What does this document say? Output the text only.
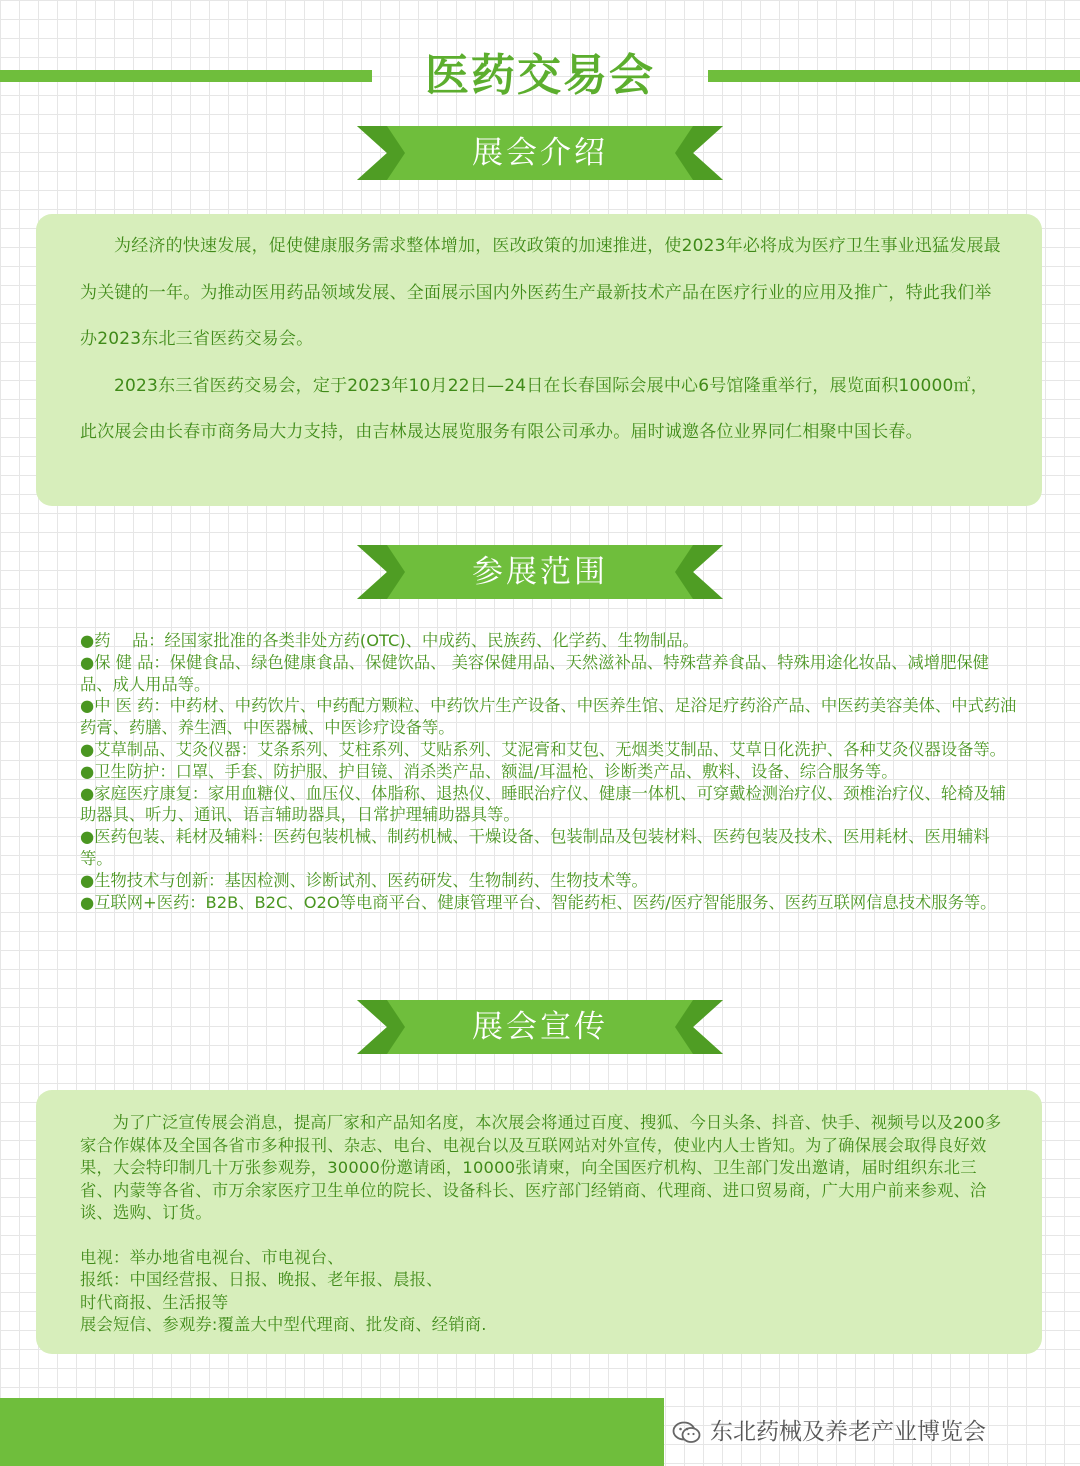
医药交易会
展会介绍

为经济的快速发展，促使健康服务需求整体增加，医改政策的加速推进，使2023年必将成为医疗卫生事业迅猛发展最为关键的一年。为推动医用药品领域发展、全面展示国内外医药生产最新技术产品在医疗行业的应用及推广，特此我们举办2023东北三省医药交易会。

2023东三省医药交易会，定于2023年10月22日—24日在长春国际会展中心6号馆隆重举行，展览面积10000㎡，此次展会由长春市商务局大力支持，由吉林晟达展览服务有限公司承办。届时诚邀各位业界同仁相聚中国长春。

参展范围

●药　 品：经国家批准的各类非处方药(OTC)、中成药、民族药、化学药、生物制品。

●保 健 品：保健食品、绿色健康食品、保健饮品、 美容保健用品、天然滋补品、特殊营养食品、特殊用途化妆品、减增肥保健品、成人用品等。

●中 医 药：中药材、中药饮片、中药配方颗粒、中药饮片生产设备、中医养生馆、足浴足疗药浴产品、中医药美容美体、中式药油药膏、药膳、养生酒、中医器械、中医诊疗设备等。

●艾草制品、艾灸仪器：艾条系列、艾柱系列、艾贴系列、艾泥膏和艾包、无烟类艾制品、艾草日化洗护、各种艾灸仪器设备等。

●卫生防护：口罩、手套、防护服、护目镜、消杀类产品、额温/耳温枪、诊断类产品、敷料、设备、综合服务等。

●家庭医疗康复：家用血糖仪、血压仪、体脂称、退热仪、睡眠治疗仪、健康一体机、可穿戴检测治疗仪、颈椎治疗仪、轮椅及辅助器具、听力、通讯、语言辅助器具，日常护理辅助器具等。

●医药包装、耗材及辅料：医药包装机械、制药机械、干燥设备、包装制品及包装材料、医药包装及技术、医用耗材、医用辅料等。

●生物技术与创新：基因检测、诊断试剂、医药研发、生物制药、生物技术等。

●互联网+医药：B2B、B2C、O2O等电商平台、健康管理平台、智能药柜、医药/医疗智能服务、医药互联网信息技术服务等。

展会宣传

为了广泛宣传展会消息，提高厂家和产品知名度，本次展会将通过百度、搜狐、今日头条、抖音、快手、视频号以及200多家合作媒体及全国各省市多种报刊、杂志、电台、电视台以及互联网站对外宣传，使业内人士皆知。为了确保展会取得良好效果，大会特印制几十万张参观券，30000份邀请函，10000张请柬，向全国医疗机构、卫生部门发出邀请，届时组织东北三省、内蒙等各省、市万余家医疗卫生单位的院长、设备科长、医疗部门经销商、代理商、进口贸易商，广大用户前来参观、洽谈、选购、订货。

电视：举办地省电视台、市电视台、

报纸：中国经营报、日报、晚报、老年报、晨报、

时代商报、生活报等

展会短信、参观券:覆盖大中型代理商、批发商、经销商.

东北药械及养老产业博览会
